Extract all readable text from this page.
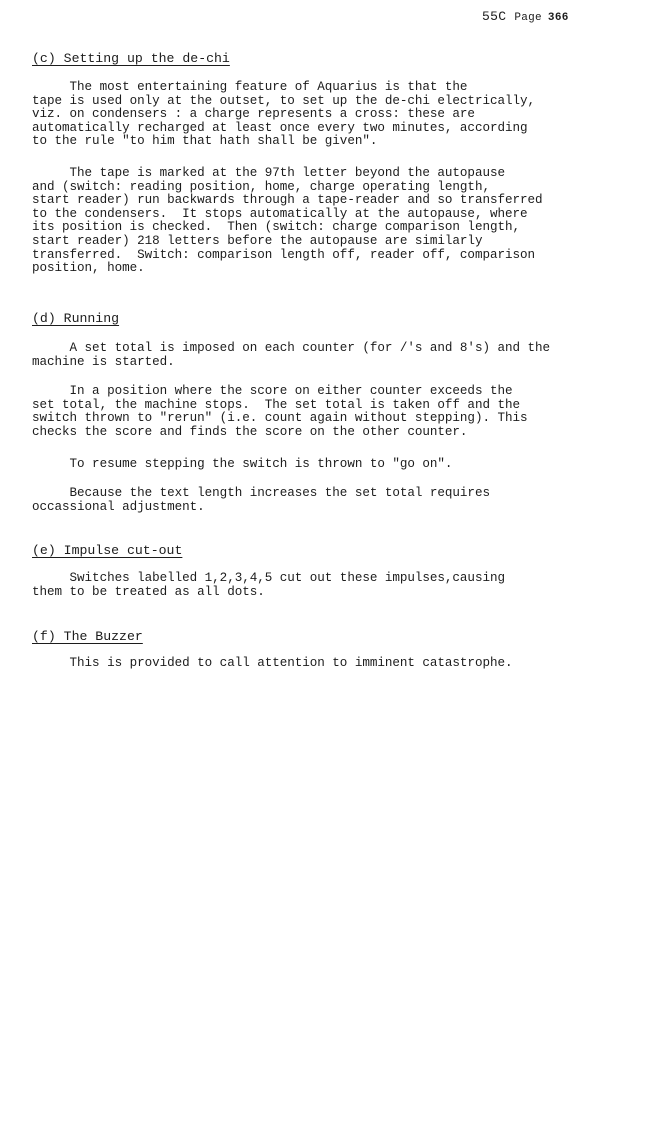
55C Page 366
(c) Setting up the de-chi
The most entertaining feature of Aquarius is that the
tape is used only at the outset, to set up the de-chi electrically,
viz. on condensers : a charge represents a cross: these are
automatically recharged at least once every two minutes, according
to the rule "to him that hath shall be given".
The tape is marked at the 97th letter beyond the autopause
and (switch: reading position, home, charge operating length,
start reader) run backwards through a tape-reader and so transferred
to the condensers.  It stops automatically at the autopause, where
its position is checked.  Then (switch: charge comparison length,
start reader) 218 letters before the autopause are similarly
transferred.  Switch: comparison length off, reader off, comparison
position, home.
(d) Running
A set total is imposed on each counter (for /'s and 8's) and the
machine is started.
In a position where the score on either counter exceeds the
set total, the machine stops.  The set total is taken off and the
switch thrown to "rerun" (i.e. count again without stepping). This
checks the score and finds the score on the other counter.
To resume stepping the switch is thrown to "go on".
Because the text length increases the set total requires
occassional adjustment.
(e) Impulse cut-out
Switches labelled 1,2,3,4,5 cut out these impulses,causing
them to be treated as all dots.
(f) The Buzzer
This is provided to call attention to imminent catastrophe.
